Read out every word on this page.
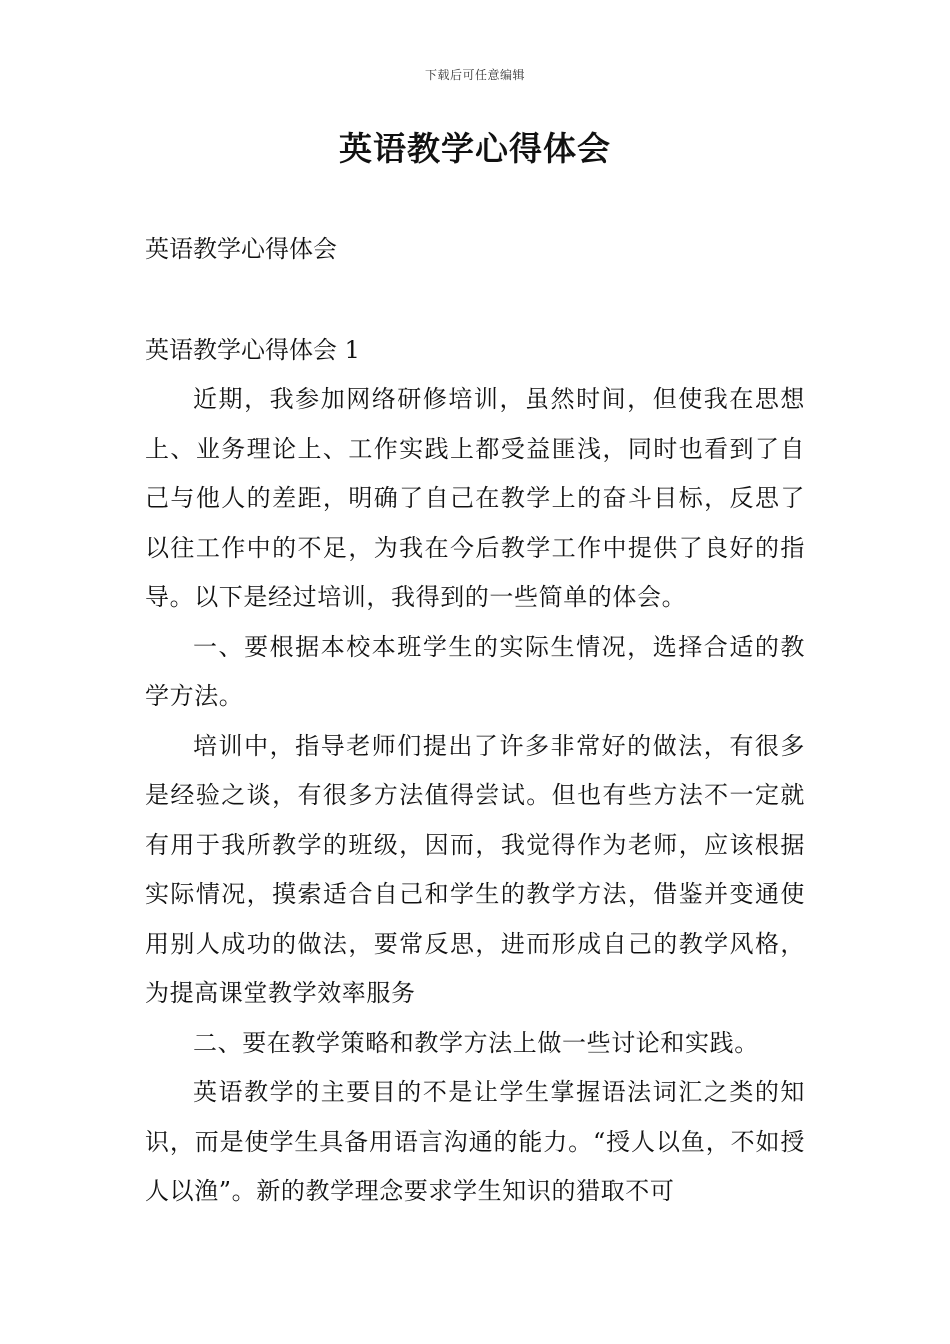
下载后可任意编辑
英语教学心得体会
英语教学心得体会
英语教学心得体会 1

近期，我参加网络研修培训，虽然时间，但使我在思想上、业务理论上、工作实践上都受益匪浅，同时也看到了自己与他人的差距，明确了自己在教学上的奋斗目标，反思了以往工作中的不足，为我在今后教学工作中提供了良好的指导。以下是经过培训，我得到的一些简单的体会。

一、要根据本校本班学生的实际生情况，选择合适的教学方法。

培训中，指导老师们提出了许多非常好的做法，有很多是经验之谈，有很多方法值得尝试。但也有些方法不一定就有用于我所教学的班级，因而，我觉得作为老师，应该根据实际情况，摸索适合自己和学生的教学方法，借鉴并变通使用别人成功的做法，要常反思，进而形成自己的教学风格，为提高课堂教学效率服务

二、要在教学策略和教学方法上做一些讨论和实践。

英语教学的主要目的不是让学生掌握语法词汇之类的知识，而是使学生具备用语言沟通的能力。“授人以鱼，不如授人以渔”。新的教学理念要求学生知识的猎取不可
